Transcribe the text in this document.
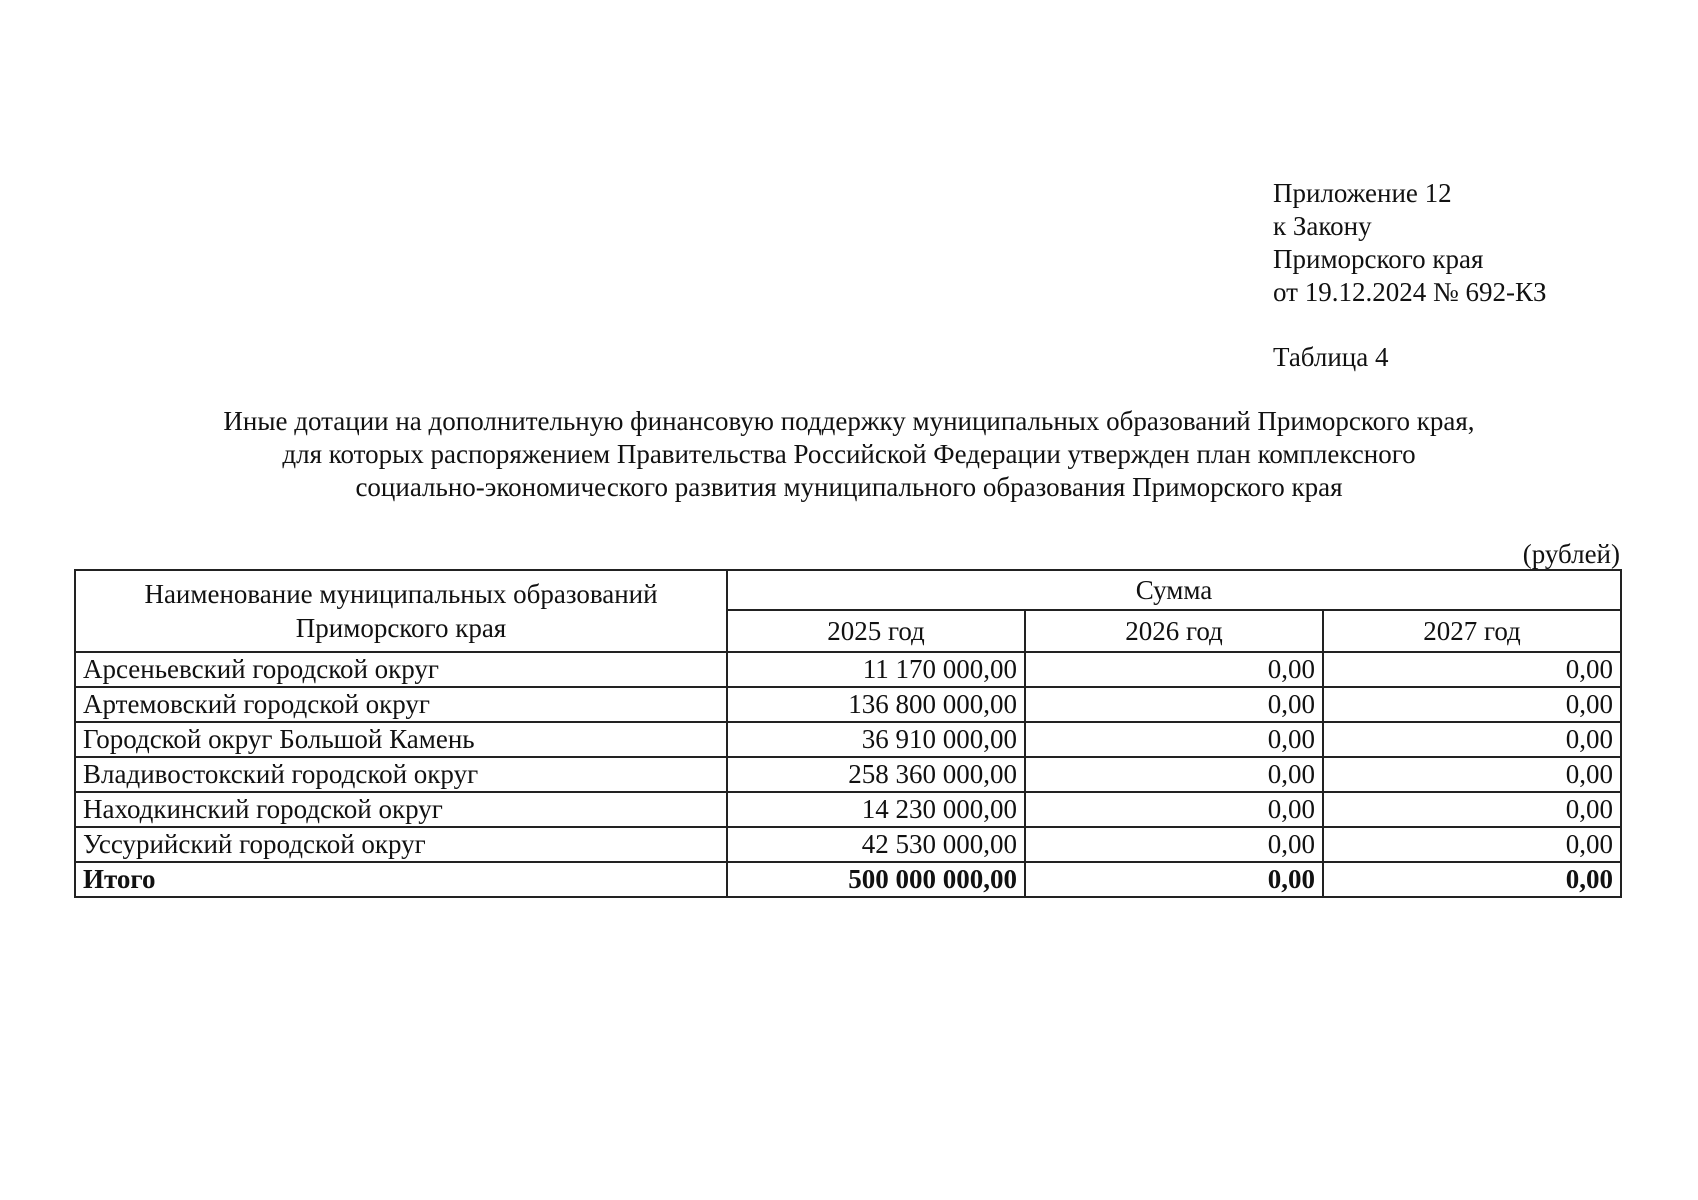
Приложение 12
к Закону
Приморского края
от 19.12.2024 № 692-КЗ
Таблица 4
Иные дотации на дополнительную финансовую поддержку муниципальных образований Приморского края,
для которых распоряжением Правительства Российской Федерации утвержден план комплексного
социально-экономического развития муниципального образования Приморского края
(рублей)
Наименование муниципальных образований Приморского края	Сумма		
	2025 год	2026 год	2027 год
Арсеньевский городской округ	11 170 000,00	0,00	0,00
Артемовский городской округ	136 800 000,00	0,00	0,00
Городской округ Большой Камень	36 910 000,00	0,00	0,00
Владивостокский городской округ	258 360 000,00	0,00	0,00
Находкинский городской округ	14 230 000,00	0,00	0,00
Уссурийский городской округ	42 530 000,00	0,00	0,00
Итого	500 000 000,00	0,00	0,00
